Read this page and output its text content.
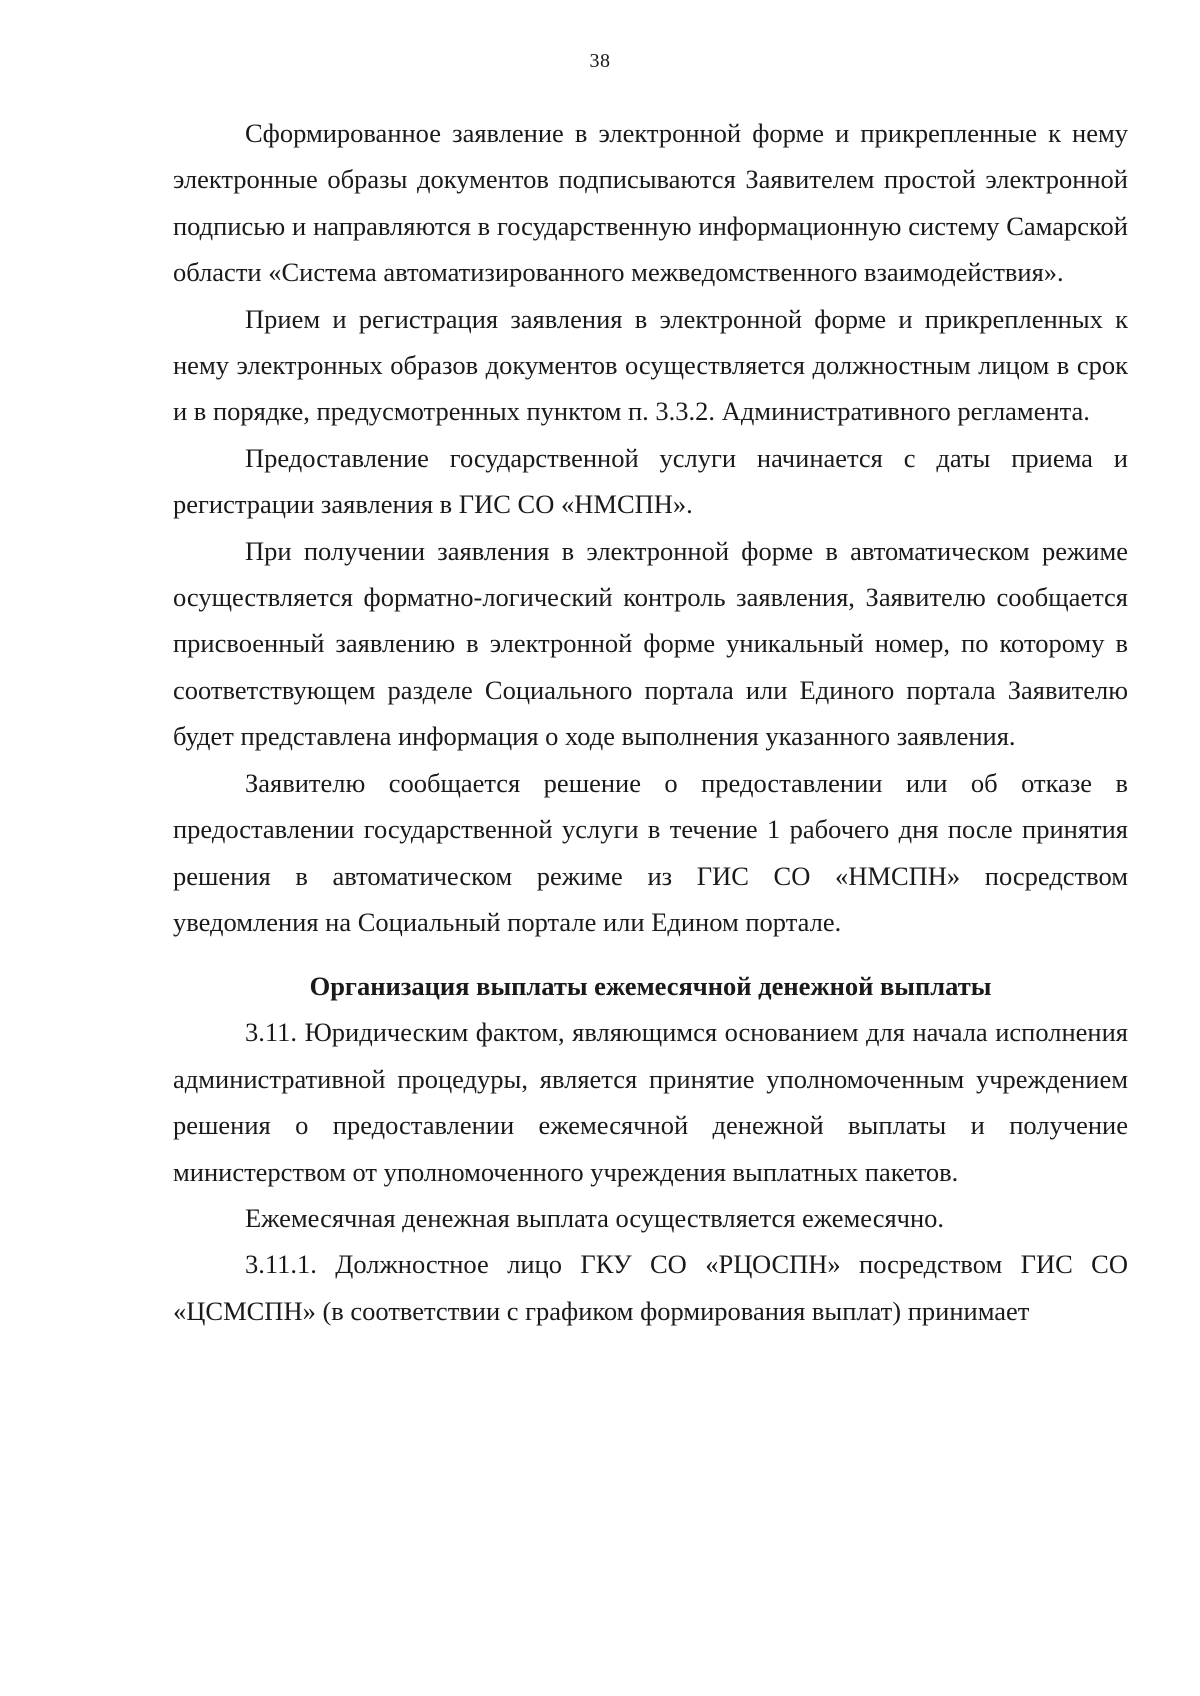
38

Сформированное заявление в электронной форме и прикрепленные к нему электронные образы документов подписываются Заявителем простой электронной подписью и направляются в государственную информационную систему Самарской области «Система автоматизированного межведомственного взаимодействия».

Прием и регистрация заявления в электронной форме и прикрепленных к нему электронных образов документов осуществляется должностным лицом в срок и в порядке, предусмотренных пунктом п. 3.3.2. Административного регламента.

Предоставление государственной услуги начинается с даты приема и регистрации заявления в ГИС СО «НМСПН».

При получении заявления в электронной форме в автоматическом режиме осуществляется форматно-логический контроль заявления, Заявителю сообщается присвоенный заявлению в электронной форме уникальный номер, по которому в соответствующем разделе Социального портала или Единого портала Заявителю будет представлена информация о ходе выполнения указанного заявления.

Заявителю сообщается решение о предоставлении или об отказе в предоставлении государственной услуги в течение 1 рабочего дня после принятия решения в автоматическом режиме из ГИС СО «НМСПН» посредством уведомления на Социальный портале или Едином портале.

Организация выплаты ежемесячной денежной выплаты

3.11. Юридическим фактом, являющимся основанием для начала исполнения административной процедуры, является принятие уполномоченным учреждением решения о предоставлении ежемесячной денежной выплаты и получение министерством от уполномоченного учреждения выплатных пакетов.

Ежемесячная денежная выплата осуществляется ежемесячно.

3.11.1. Должностное лицо ГКУ СО «РЦОСПН» посредством ГИС СО «ЦСМСПН» (в соответствии с графиком формирования выплат) принимает
